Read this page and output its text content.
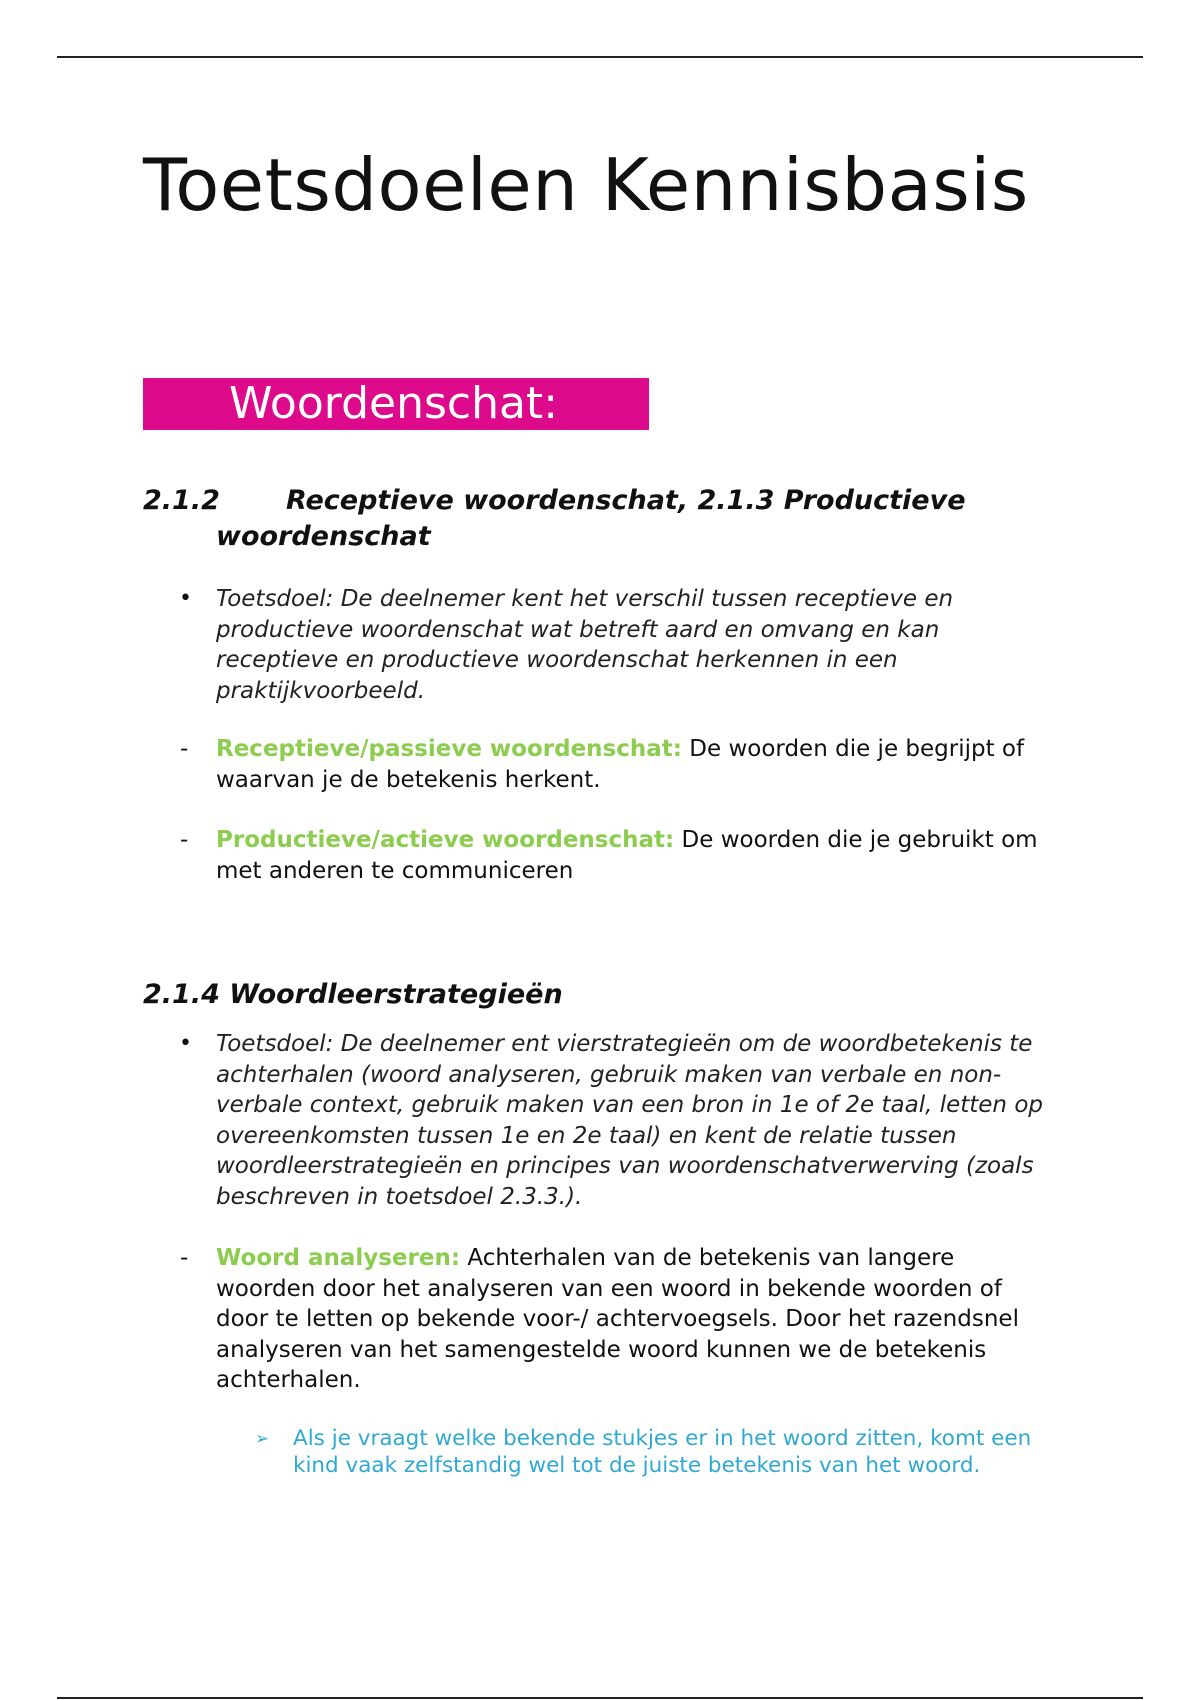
Toetsdoelen Kennisbasis
Woordenschat:
2.1.2 Receptieve woordenschat, 2.1.3 Productieve
woordenschat
•	Toetsdoel: De deelnemer kent het verschil tussen receptieve en productieve woordenschat wat betreft aard en omvang en kan receptieve en productieve woordenschat herkennen in een praktijkvoorbeeld.
-	Receptieve/passieve woordenschat: De woorden die je begrijpt of waarvan je de betekenis herkent.
-	Productieve/actieve woordenschat: De woorden die je gebruikt om met anderen te communiceren
2.1.4 Woordleerstrategieën
•	Toetsdoel: De deelnemer ent vierstrategieën om de woordbetekenis te achterhalen (woord analyseren, gebruik maken van verbale en non-verbale context, gebruik maken van een bron in 1e of 2e taal, letten op overeenkomsten tussen 1e en 2e taal) en kent de relatie tussen woordleerstrategieën en principes van woordenschatverwerving (zoals beschreven in toetsdoel 2.3.3.).
-	Woord analyseren: Achterhalen van de betekenis van langere woorden door het analyseren van een woord in bekende woorden of door te letten op bekende voor-/ achtervoegsels. Door het razendsnel analyseren van het samengestelde woord kunnen we de betekenis achterhalen.
➢	Als je vraagt welke bekende stukjes er in het woord zitten, komt een kind vaak zelfstandig wel tot de juiste betekenis van het woord.
